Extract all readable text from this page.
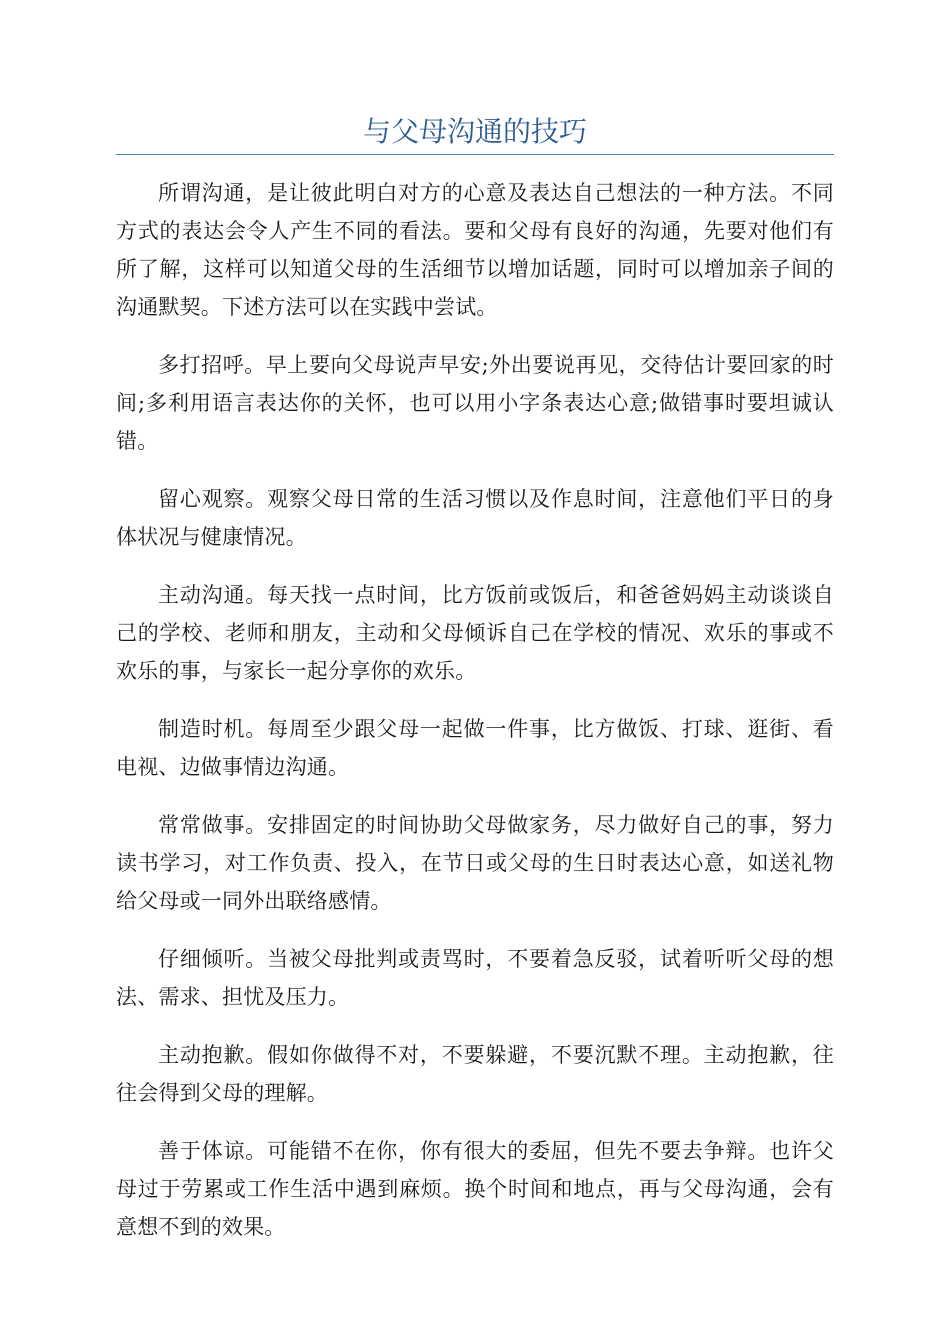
与父母沟通的技巧

所谓沟通，是让彼此明白对方的心意及表达自己想法的一种方法。不同方式的表达会令人产生不同的看法。要和父母有良好的沟通，先要对他们有所了解，这样可以知道父母的生活细节以增加话题，同时可以增加亲子间的沟通默契。下述方法可以在实践中尝试。

多打招呼。早上要向父母说声早安;外出要说再见，交待估计要回家的时间;多利用语言表达你的关怀，也可以用小字条表达心意;做错事时要坦诚认错。

留心观察。观察父母日常的生活习惯以及作息时间，注意他们平日的身体状况与健康情况。

主动沟通。每天找一点时间，比方饭前或饭后，和爸爸妈妈主动谈谈自己的学校、老师和朋友，主动和父母倾诉自己在学校的情况、欢乐的事或不欢乐的事，与家长一起分享你的欢乐。

制造时机。每周至少跟父母一起做一件事，比方做饭、打球、逛街、看电视、边做事情边沟通。

常常做事。安排固定的时间协助父母做家务，尽力做好自己的事，努力读书学习，对工作负责、投入，在节日或父母的生日时表达心意，如送礼物给父母或一同外出联络感情。

仔细倾听。当被父母批判或责骂时，不要着急反驳，试着听听父母的想法、需求、担忧及压力。

主动抱歉。假如你做得不对，不要躲避，不要沉默不理。主动抱歉，往往会得到父母的理解。

善于体谅。可能错不在你，你有很大的委屈，但先不要去争辩。也许父母过于劳累或工作生活中遇到麻烦。换个时间和地点，再与父母沟通，会有意想不到的效果。
